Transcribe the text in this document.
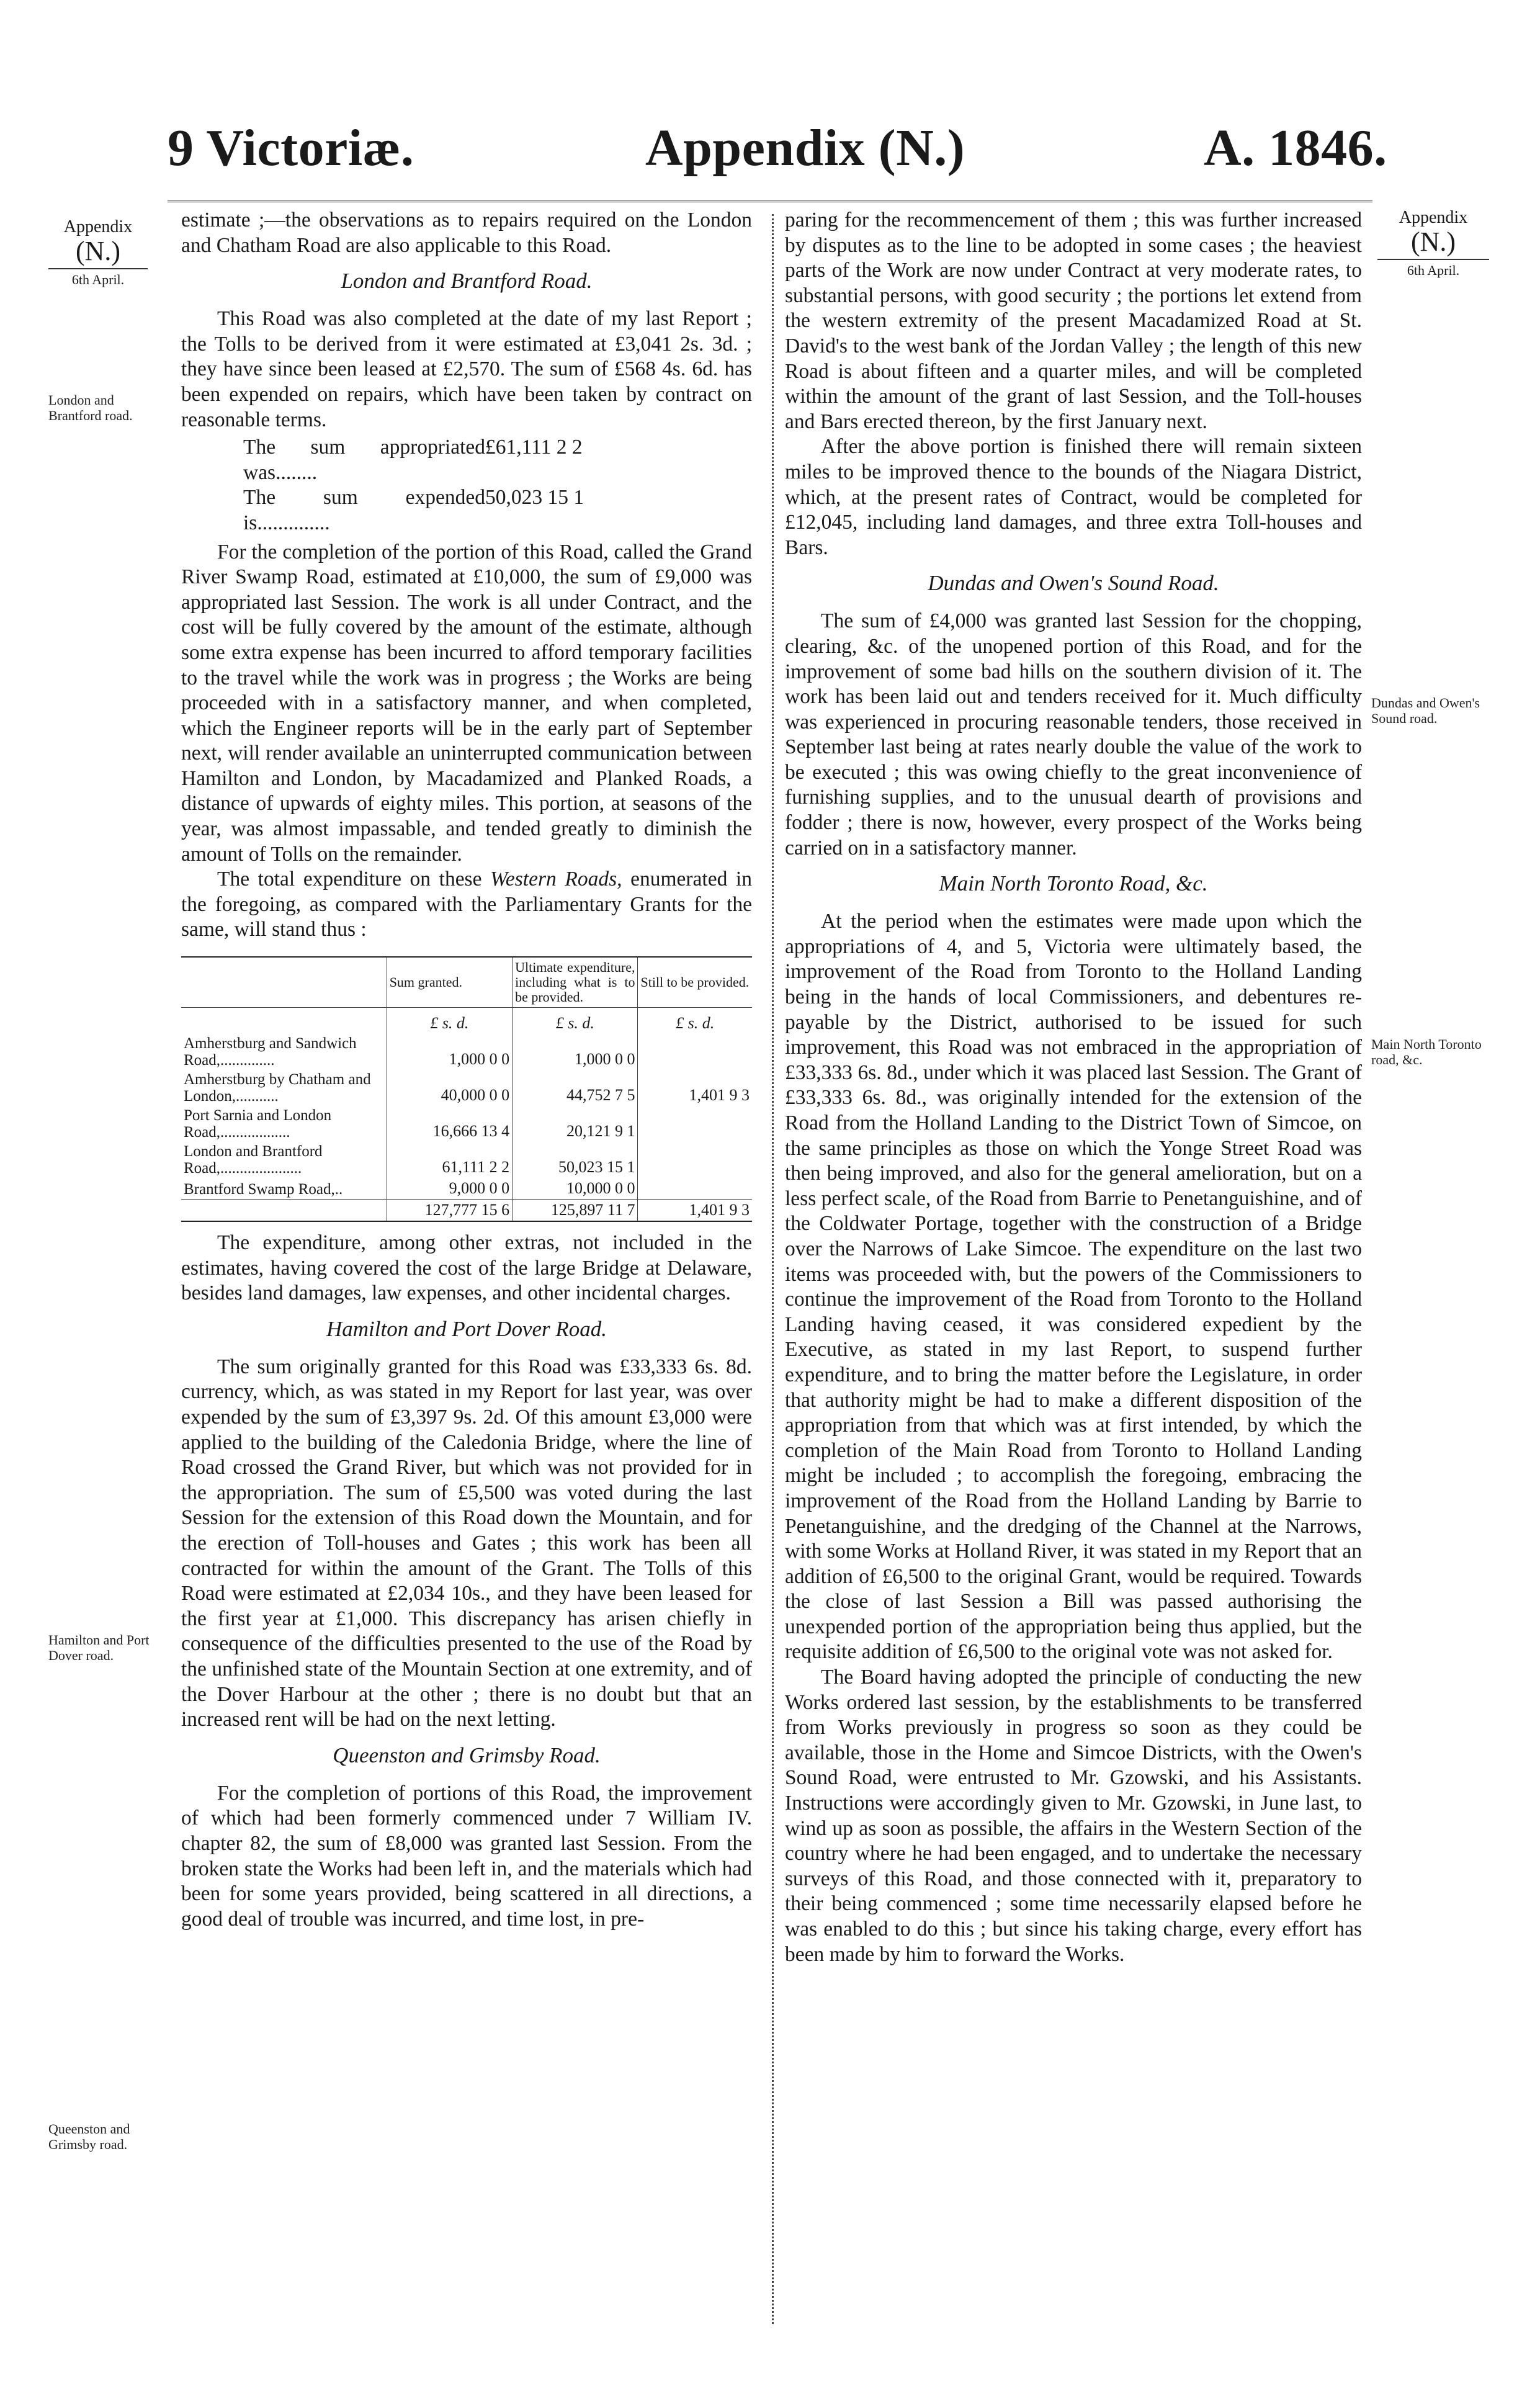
9 Victoriæ.	Appendix (N.)	A. 1846.
Appendix
(N.)
6th April.
Appendix
(N.)
6th April.
London and Brantford road.
Hamilton and Port Dover road.
Queenston and Grimsby road.
Dundas and Owen's Sound road.
Main North Toronto road, &c.

estimate ;—the observations as to repairs required on the London and Chatham Road are also applicable to this Road.

London and Brantford Road.

This Road was also completed at the date of my last Report ; the Tolls to be derived from it were estimated at £3,041 2s. 3d. ; they have since been leased at £2,570. The sum of £568 4s. 6d. has been expended on repairs, which have been taken by contract on reasonable terms.

The sum appropriated was........
£61,111 2 2
The sum expended is..............
50,023 15 1

For the completion of the portion of this Road, called the Grand River Swamp Road, estimated at £10,000, the sum of £9,000 was appropriated last Session. The work is all under Contract, and the cost will be fully covered by the amount of the estimate, although some extra expense has been incurred to afford temporary facilities to the travel while the work was in progress ; the Works are being proceeded with in a satisfactory manner, and when completed, which the Engineer reports will be in the early part of September next, will render available an uninterrupted communication between Hamilton and London, by Macadamized and Planked Roads, a distance of upwards of eighty miles. This portion, at seasons of the year, was almost impassable, and tended greatly to diminish the amount of Tolls on the remainder.

The total expenditure on these Western Roads, enumerated in the foregoing, as compared with the Parliamentary Grants for the same, will stand thus :

	Sum granted.	Ultimate expenditure, including what is to be provided.	Still to be provided.
	£ s. d.	£ s. d.	£ s. d.
Amherstburg and Sandwich Road,..............	1,000 0 0	1,000 0 0	
Amherstburg by Chatham and London,...........	40,000 0 0	44,752 7 5	1,401 9 3
Port Sarnia and London Road,..................	16,666 13 4	20,121 9 1	
London and Brantford Road,.....................	61,111 2 2	50,023 15 1	
Brantford Swamp Road,..	9,000 0 0	10,000 0 0	
	127,777 15 6	125,897 11 7	1,401 9 3

The expenditure, among other extras, not included in the estimates, having covered the cost of the large Bridge at Delaware, besides land damages, law expenses, and other incidental charges.

Hamilton and Port Dover Road.

The sum originally granted for this Road was £33,333 6s. 8d. currency, which, as was stated in my Report for last year, was over expended by the sum of £3,397 9s. 2d. Of this amount £3,000 were applied to the building of the Caledonia Bridge, where the line of Road crossed the Grand River, but which was not provided for in the appropriation. The sum of £5,500 was voted during the last Session for the extension of this Road down the Mountain, and for the erection of Toll-houses and Gates ; this work has been all contracted for within the amount of the Grant. The Tolls of this Road were estimated at £2,034 10s., and they have been leased for the first year at £1,000. This discrepancy has arisen chiefly in consequence of the difficulties presented to the use of the Road by the unfinished state of the Mountain Section at one extremity, and of the Dover Harbour at the other ; there is no doubt but that an increased rent will be had on the next letting.

Queenston and Grimsby Road.

For the completion of portions of this Road, the improvement of which had been formerly commenced under 7 William IV. chapter 82, the sum of £8,000 was granted last Session. From the broken state the Works had been left in, and the materials which had been for some years provided, being scattered in all directions, a good deal of trouble was incurred, and time lost, in pre-

paring for the recommencement of them ; this was further increased by disputes as to the line to be adopted in some cases ; the heaviest parts of the Work are now under Contract at very moderate rates, to substantial persons, with good security ; the portions let extend from the western extremity of the present Macadamized Road at St. David's to the west bank of the Jordan Valley ; the length of this new Road is about fifteen and a quarter miles, and will be completed within the amount of the grant of last Session, and the Toll-houses and Bars erected thereon, by the first January next.

After the above portion is finished there will remain sixteen miles to be improved thence to the bounds of the Niagara District, which, at the present rates of Contract, would be completed for £12,045, including land damages, and three extra Toll-houses and Bars.

Dundas and Owen's Sound Road.

The sum of £4,000 was granted last Session for the chopping, clearing, &c. of the unopened portion of this Road, and for the improvement of some bad hills on the southern division of it. The work has been laid out and tenders received for it. Much difficulty was experienced in procuring reasonable tenders, those received in September last being at rates nearly double the value of the work to be executed ; this was owing chiefly to the great inconvenience of furnishing supplies, and to the unusual dearth of provisions and fodder ; there is now, however, every prospect of the Works being carried on in a satisfactory manner.

Main North Toronto Road, &c.

At the period when the estimates were made upon which the appropriations of 4, and 5, Victoria were ultimately based, the improvement of the Road from Toronto to the Holland Landing being in the hands of local Commissioners, and debentures re-payable by the District, authorised to be issued for such improvement, this Road was not embraced in the appropriation of £33,333 6s. 8d., under which it was placed last Session. The Grant of £33,333 6s. 8d., was originally intended for the extension of the Road from the Holland Landing to the District Town of Simcoe, on the same principles as those on which the Yonge Street Road was then being improved, and also for the general amelioration, but on a less perfect scale, of the Road from Barrie to Penetanguishine, and of the Coldwater Portage, together with the construction of a Bridge over the Narrows of Lake Simcoe. The expenditure on the last two items was proceeded with, but the powers of the Commissioners to continue the improvement of the Road from Toronto to the Holland Landing having ceased, it was considered expedient by the Executive, as stated in my last Report, to suspend further expenditure, and to bring the matter before the Legislature, in order that authority might be had to make a different disposition of the appropriation from that which was at first intended, by which the completion of the Main Road from Toronto to Holland Landing might be included ; to accomplish the foregoing, embracing the improvement of the Road from the Holland Landing by Barrie to Penetanguishine, and the dredging of the Channel at the Narrows, with some Works at Holland River, it was stated in my Report that an addition of £6,500 to the original Grant, would be required. Towards the close of last Session a Bill was passed authorising the unexpended portion of the appropriation being thus applied, but the requisite addition of £6,500 to the original vote was not asked for.

The Board having adopted the principle of conducting the new Works ordered last session, by the establishments to be transferred from Works previously in progress so soon as they could be available, those in the Home and Simcoe Districts, with the Owen's Sound Road, were entrusted to Mr. Gzowski, and his Assistants. Instructions were accordingly given to Mr. Gzowski, in June last, to wind up as soon as possible, the affairs in the Western Section of the country where he had been engaged, and to undertake the necessary surveys of this Road, and those connected with it, preparatory to their being commenced ; some time necessarily elapsed before he was enabled to do this ; but since his taking charge, every effort has been made by him to forward the Works.
